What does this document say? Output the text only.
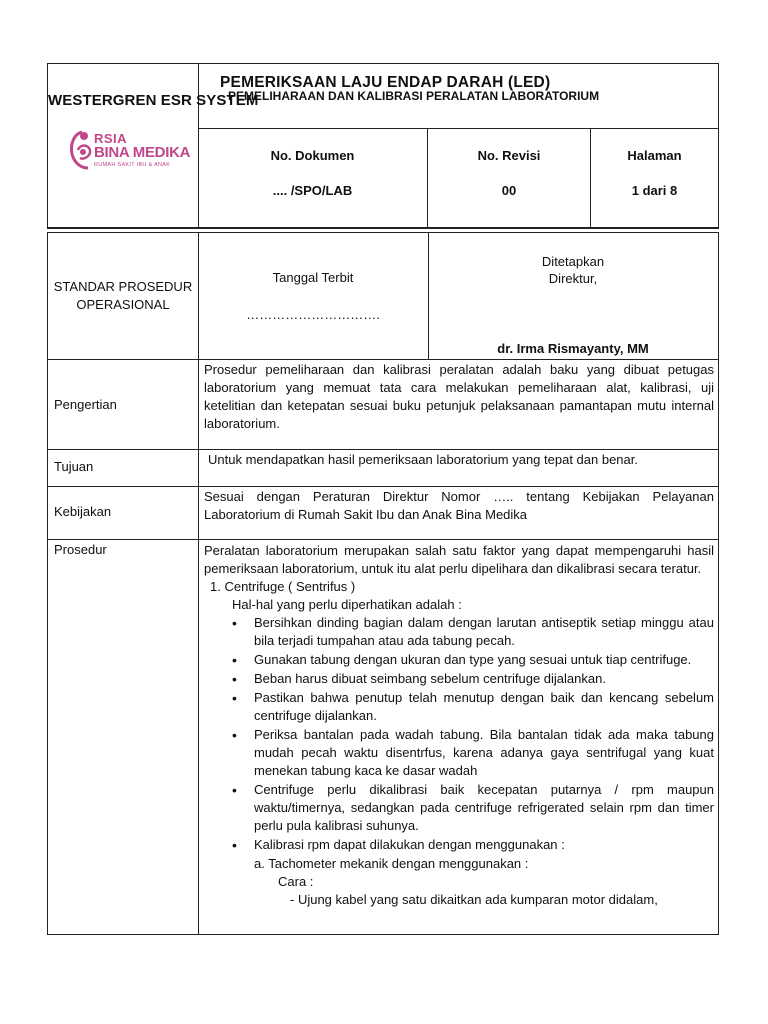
RSIA
BINA MEDIKA
RUMAH SAKIT IBU & ANAK
PEMERIKSAAN LAJU ENDAP DARAH (LED)
WESTERGREN ESR SYSTEM
PEMELIHARAAN DAN KALIBRASI PERALATAN LABORATORIUM
No. Dokumen
.... /SPO/LAB
No. Revisi
00
Halaman
1 dari 8
STANDAR PROSEDUR
OPERASIONAL
Tanggal Terbit
………………………….
Ditetapkan
Direktur,
dr. Irma Rismayanty, MM
Pengertian
Prosedur pemeliharaan dan kalibrasi peralatan adalah baku yang dibuat petugas laboratorium yang memuat tata cara melakukan pemeliharaan alat, kalibrasi, uji ketelitian dan ketepatan sesuai buku petunjuk pelaksanaan pamantapan mutu internal laboratorium.
Tujuan	Untuk mendapatkan hasil pemeriksaan laboratorium yang tepat dan benar.
Kebijakan
Sesuai dengan Peraturan Direktur Nomor ….. tentang Kebijakan Pelayanan Laboratorium di Rumah Sakit Ibu dan Anak Bina Medika
Prosedur	Peralatan laboratorium merupakan salah satu faktor yang dapat mempengaruhi hasil pemeriksaan laboratorium, untuk itu alat perlu dipelihara dan dikalibrasi secara teratur.
1. Centrifuge ( Sentrifus )
Hal-hal yang perlu diperhatikan adalah :
• Bersihkan dinding bagian dalam dengan larutan antiseptik setiap minggu atau bila terjadi tumpahan atau ada tabung pecah.
• Gunakan tabung dengan ukuran dan type yang sesuai untuk tiap centrifuge.
• Beban harus dibuat seimbang sebelum centrifuge dijalankan.
• Pastikan bahwa penutup telah menutup dengan baik dan kencang sebelum centrifuge dijalankan.
• Periksa bantalan pada wadah tabung. Bila bantalan tidak ada maka tabung mudah pecah waktu disentrfus, karena adanya gaya sentrifugal yang kuat menekan tabung kaca ke dasar wadah
• Centrifuge perlu dikalibrasi baik kecepatan putarnya / rpm maupun waktu/timernya, sedangkan pada centrifuge refrigerated selain rpm dan timer perlu pula kalibrasi suhunya.
• Kalibrasi rpm dapat dilakukan dengan menggunakan :
a. Tachometer mekanik dengan menggunakan :
Cara :
- Ujung kabel yang satu dikaitkan ada kumparan motor didalam,
